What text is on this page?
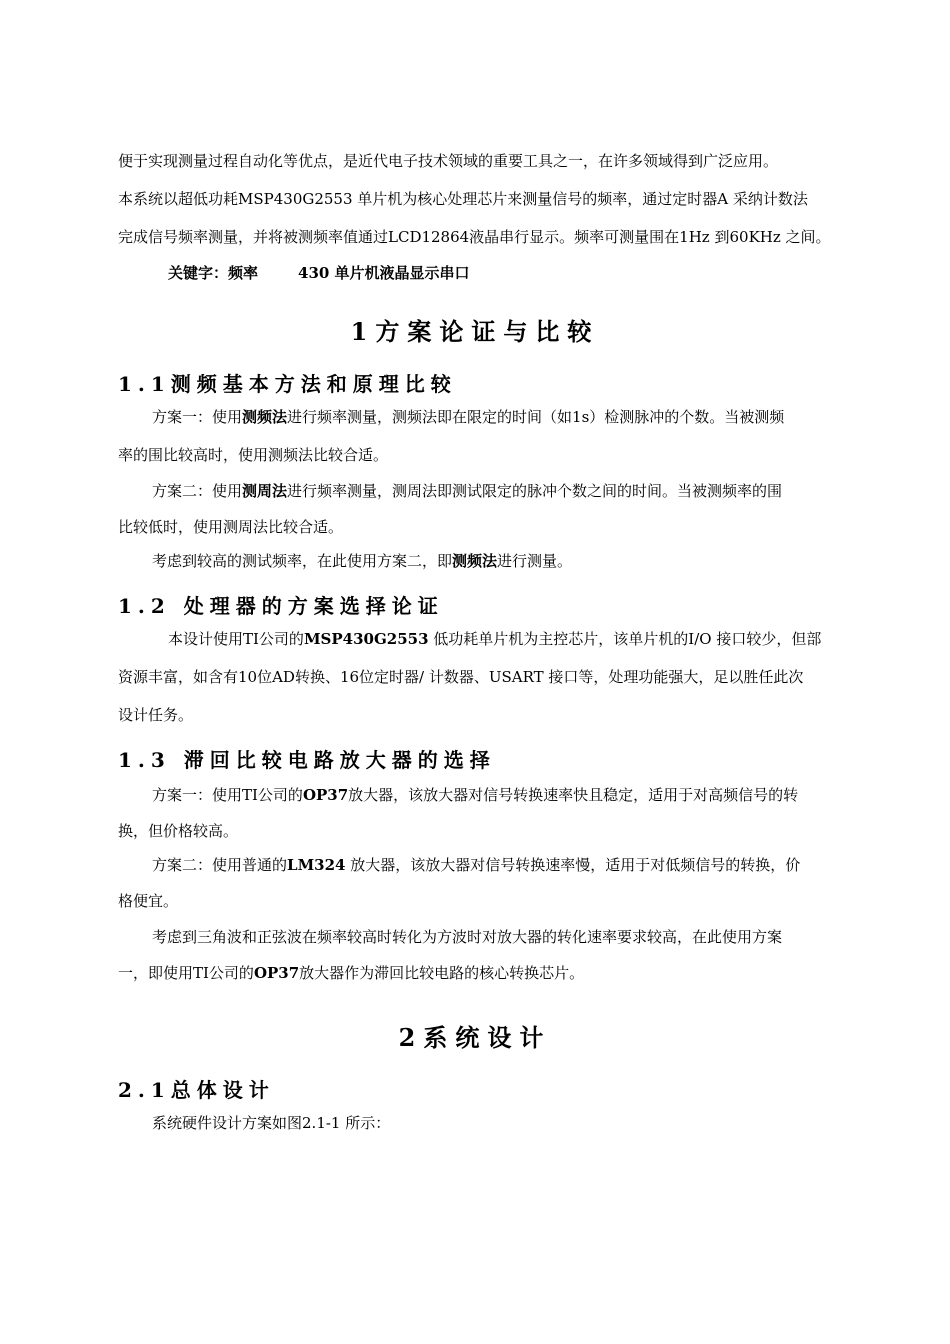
便于实现测量过程自动化等优点，是近代电子技术领域的重要工具之一，在许多领域得到广泛应用。
本系统以超低功耗MSP430G2553 单片机为核心处理芯片来测量信号的频率，通过定时器A 采纳计数法
完成信号频率测量，并将被测频率值通过LCD12864液晶串行显示。频率可测量围在1Hz 到60KHz 之间。
关键字：频率	430 单片机液晶显示串口
1方案论证与比较
1.1测频基本方法和原理比较
方案一：使用测频法进行频率测量，测频法即在限定的时间（如1s）检测脉冲的个数。当被测频
率的围比较高时，使用测频法比较合适。
方案二：使用测周法进行频率测量，测周法即测试限定的脉冲个数之间的时间。当被测频率的围
比较低时，使用测周法比较合适。
考虑到较高的测试频率，在此使用方案二，即测频法进行测量。
1.2 处理器的方案选择论证
本设计使用TI公司的MSP430G2553 低功耗单片机为主控芯片，该单片机的I/O 接口较少，但部
资源丰富，如含有10位AD转换、16位定时器/ 计数器、USART 接口等，处理功能强大，足以胜任此次
设计任务。
1.3 滞回比较电路放大器的选择
方案一：使用TI公司的OP37放大器，该放大器对信号转换速率快且稳定，适用于对高频信号的转
换，但价格较高。
方案二：使用普通的LM324 放大器，该放大器对信号转换速率慢，适用于对低频信号的转换，价
格便宜。
考虑到三角波和正弦波在频率较高时转化为方波时对放大器的转化速率要求较高，在此使用方案
一，即使用TI公司的OP37放大器作为滞回比较电路的核心转换芯片。
2系统设计
2.1总体设计
系统硬件设计方案如图2.1-1 所示：
